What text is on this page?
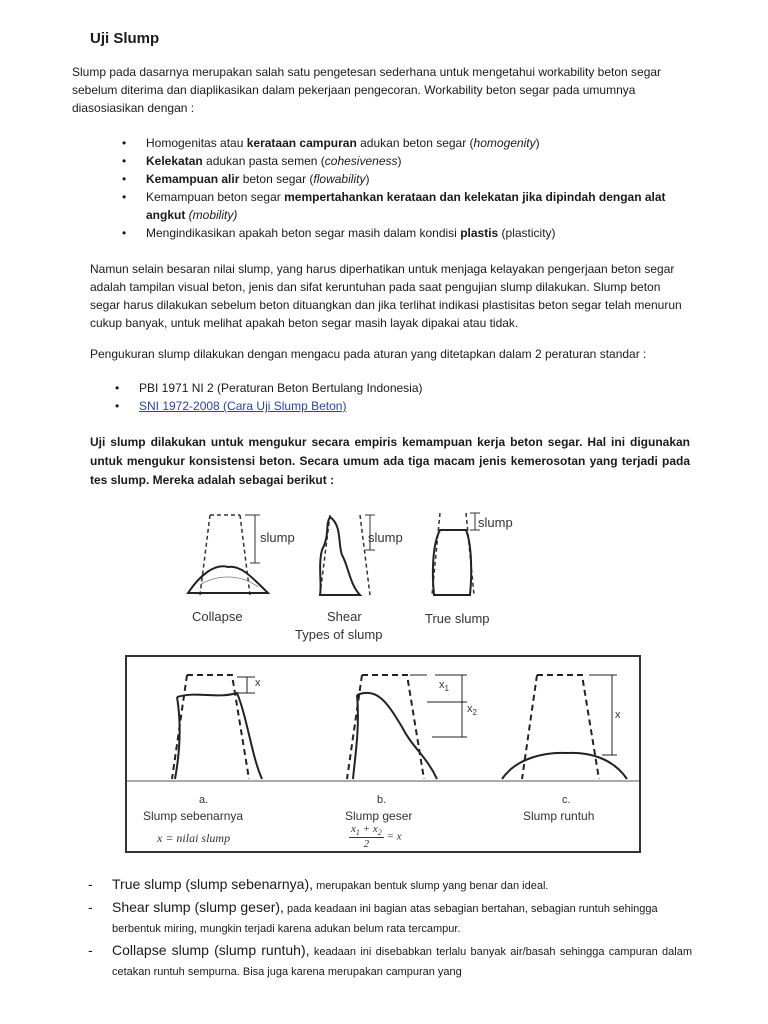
Uji Slump
Slump pada dasarnya merupakan salah satu pengetesan sederhana untuk mengetahui workability beton segar sebelum diterima dan diaplikasikan dalam pekerjaan pengecoran. Workability beton segar pada umumnya diasosiasikan dengan :
• Homogenitas atau kerataan campuran adukan beton segar (homogenity)
• Kelekatan adukan pasta semen (cohesiveness)
• Kemampuan alir beton segar (flowability)
• Kemampuan beton segar mempertahankan kerataan dan kelekatan jika dipindah dengan alat angkut (mobility)
• Mengindikasikan apakah beton segar masih dalam kondisi plastis (plasticity)
Namun selain besaran nilai slump, yang harus diperhatikan untuk menjaga kelayakan pengerjaan beton segar adalah tampilan visual beton, jenis dan sifat keruntuhan pada saat pengujian slump dilakukan. Slump beton segar harus dilakukan sebelum beton dituangkan dan jika terlihat indikasi plastisitas beton segar telah menurun cukup banyak, untuk melihat apakah beton segar masih layak dipakai atau tidak.
Pengukuran slump dilakukan dengan mengacu pada aturan yang ditetapkan dalam 2 peraturan standar :
• PBI 1971 NI 2 (Peraturan Beton Bertulang Indonesia)
• SNI 1972-2008 (Cara Uji Slump Beton)
Uji slump dilakukan untuk mengukur secara empiris kemampuan kerja beton segar. Hal ini digunakan untuk mengukur konsistensi beton. Secara umum ada tiga macam jenis kemerosotan yang terjadi pada tes slump. Mereka adalah sebagai berikut :
slump	slump
slump
Collapse	Shear	True slump
Types of slump
x	$x_1$
$x_2$	x
a.
Slump sebenarnya
x = nilai slump
b.
Slump geser
$\frac{x_1 + x_2}{2} = x$
c.
Slump runtuh
- True slump (slump sebenarnya), merupakan bentuk slump yang benar dan ideal.
- Shear slump (slump geser), pada keadaan ini bagian atas sebagian bertahan, sebagian runtuh sehingga berbentuk miring, mungkin terjadi karena adukan belum rata tercampur.
- Collapse slump (slump runtuh), keadaan ini disebabkan terlalu banyak air/basah sehingga campuran dalam cetakan runtuh sempurna. Bisa juga karena merupakan campuran yang
